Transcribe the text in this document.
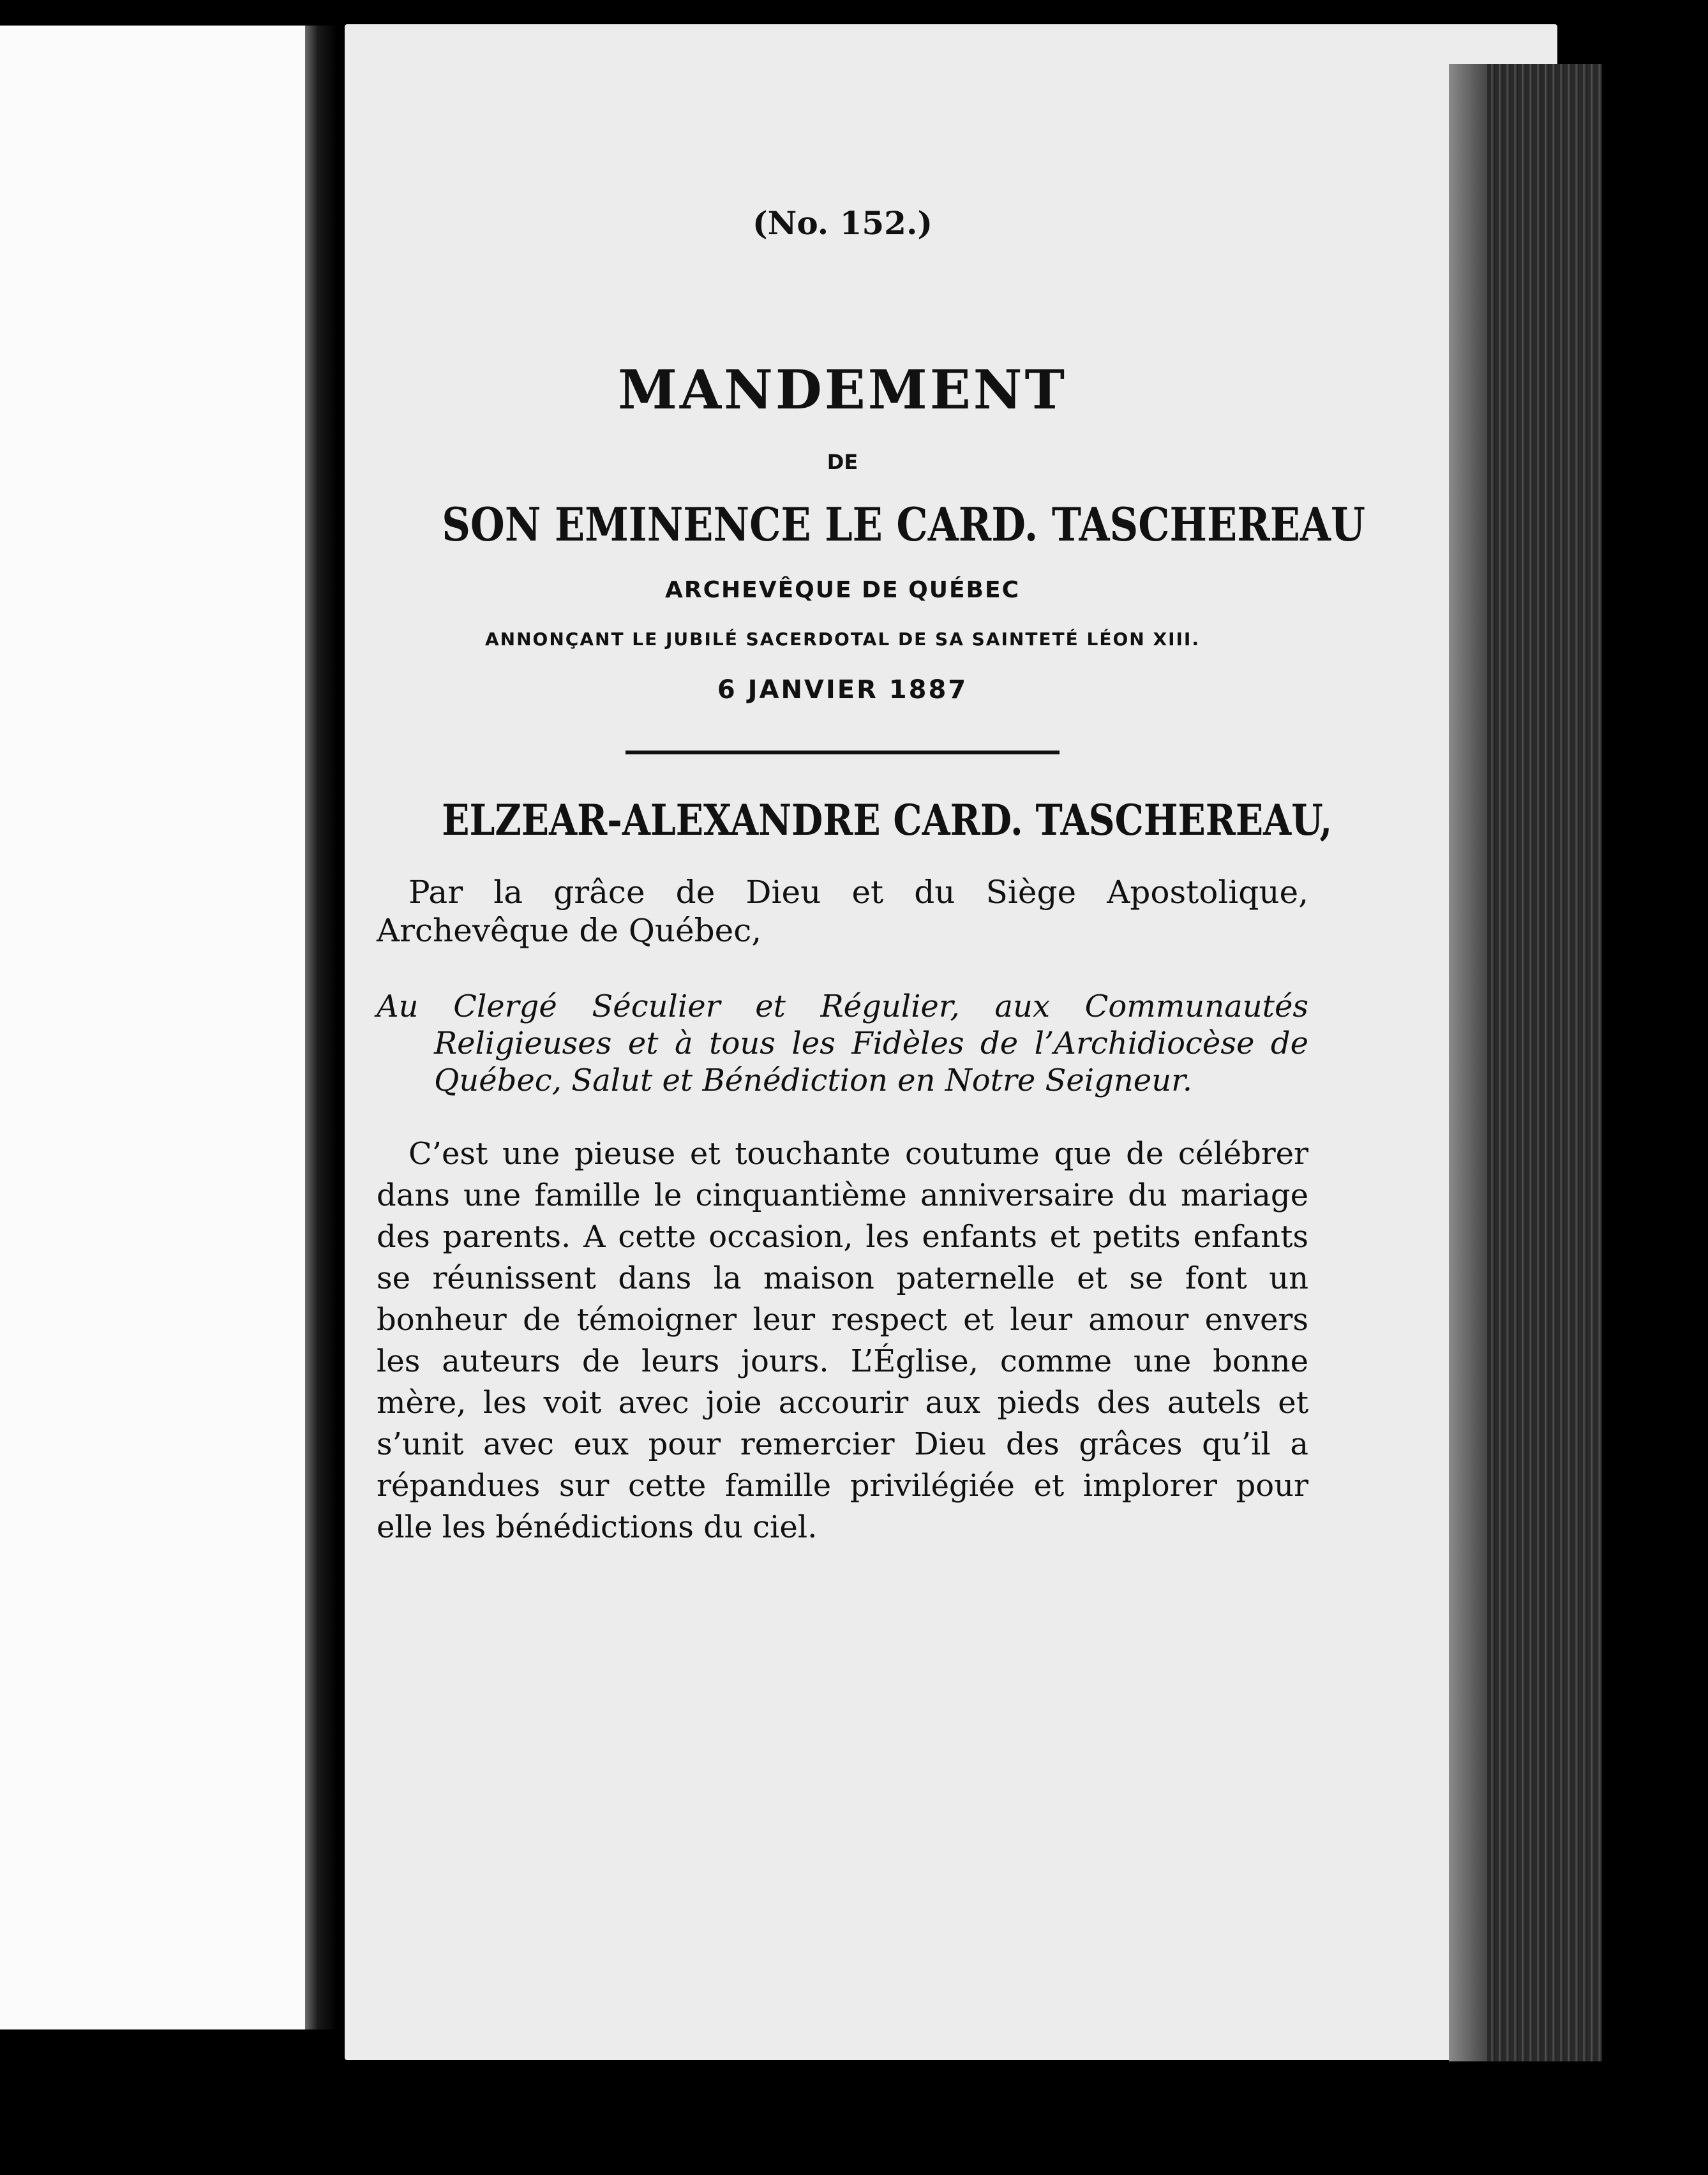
(No. 152.)

MANDEMENT

DE

SON EMINENCE LE CARD. TASCHEREAU

ARCHEVÊQUE DE QUÉBEC

ANNONÇANT LE JUBILÉ SACERDOTAL DE SA SAINTETÉ LÉON XIII.

6 JANVIER 1887

ELZEAR-ALEXANDRE CARD. TASCHEREAU,

Par la grâce de Dieu et du Siège Apostolique, Archevêque de Québec,

Au Clergé Séculier et Régulier, aux Communautés Religieuses et à tous les Fidèles de l’Archidiocèse de Québec, Salut et Bénédiction en Notre Seigneur.

C’est une pieuse et touchante coutume que de célébrer dans une famille le cinquantième anniversaire du mariage des parents. A cette occasion, les enfants et petits enfants se réunissent dans la maison paternelle et se font un bonheur de témoigner leur respect et leur amour envers les auteurs de leurs jours. L’Église, comme une bonne mère, les voit avec joie accourir aux pieds des autels et s’unit avec eux pour remercier Dieu des grâces qu’il a répandues sur cette famille privilégiée et implorer pour elle les bénédictions du ciel.
